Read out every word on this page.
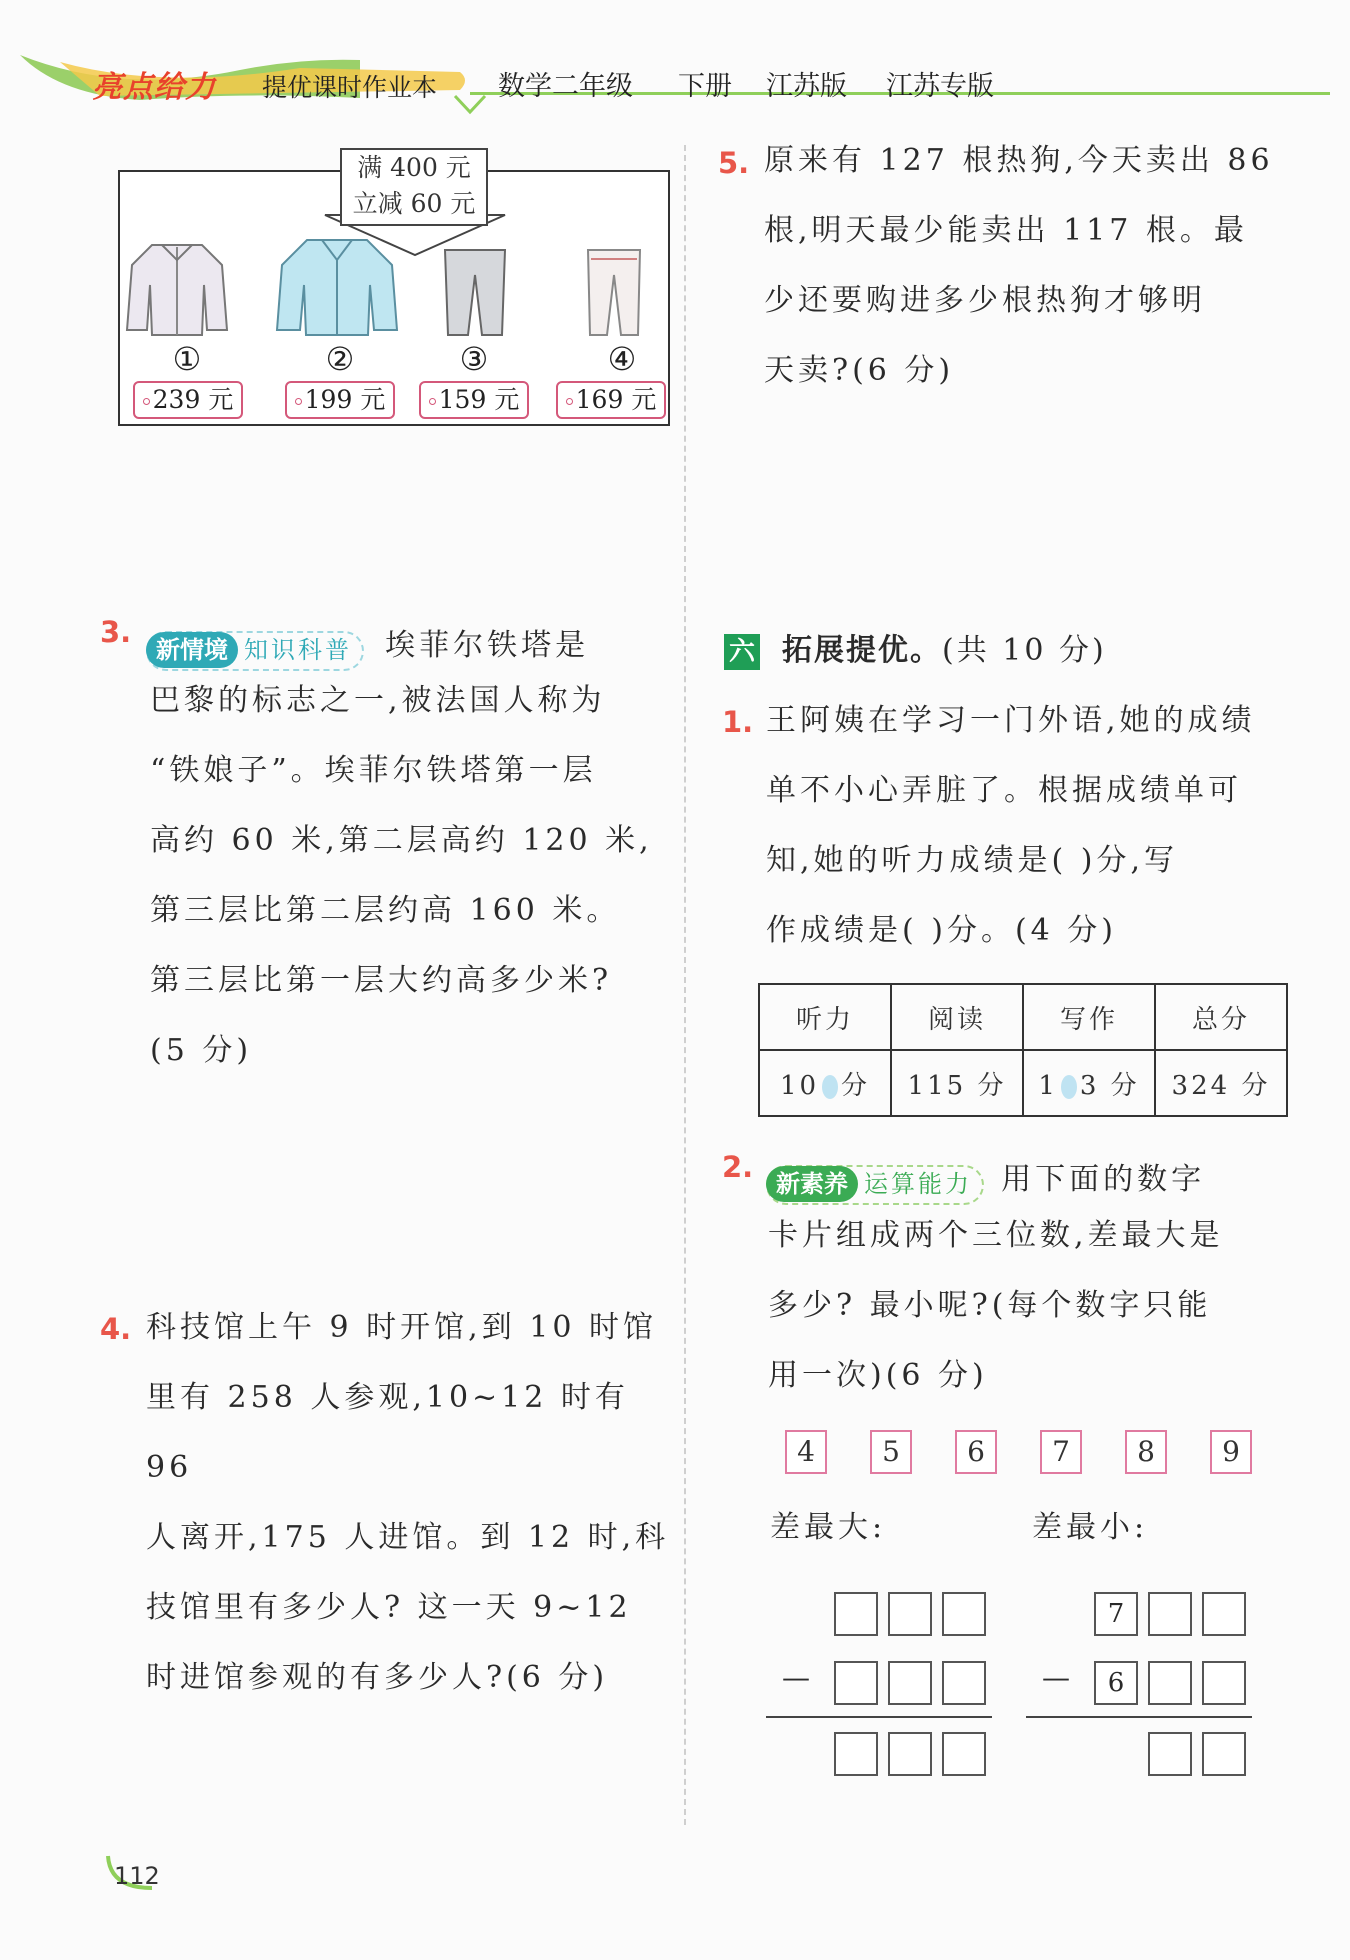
亮点给力 提优课时作业本 数学二年级 下册 江苏版 江苏专版
满 400 元
立减 60 元
①	②	③	④
239 元	199 元	159 元	169 元
3.
新情境 知识科普 埃菲尔铁塔是
巴黎的标志之一,被法国人称为
“铁娘子”。埃菲尔铁塔第一层
高约 60 米,第二层高约 120 米,
第三层比第二层约高 160 米。
第三层比第一层大约高多少米?
(5 分)
4. 科技馆上午 9 时开馆,到 10 时馆
里有 258 人参观,10~12 时有 96
人离开,175 人进馆。到 12 时,科
技馆里有多少人? 这一天 9~12
时进馆参观的有多少人?(6 分)
5. 原来有 127 根热狗,今天卖出 86
根,明天最少能卖出 117 根。最
少还要购进多少根热狗才够明
天卖?(6 分)
六 拓展提优。(共 10 分)
1. 王阿姨在学习一门外语,她的成绩
单不小心弄脏了。根据成绩单可
知,她的听力成绩是( )分,写
作成绩是( )分。(4 分)
听力	阅读	写作	总分
10 分	115 分	1 3 分	324 分
2. 新素养 运算能力 用下面的数字
卡片组成两个三位数,差最大是
多少? 最小呢?(每个数字只能
用一次)(6 分)
4	5	6	7	8	9
差最大:	差最小:
—
7
—	6
112
